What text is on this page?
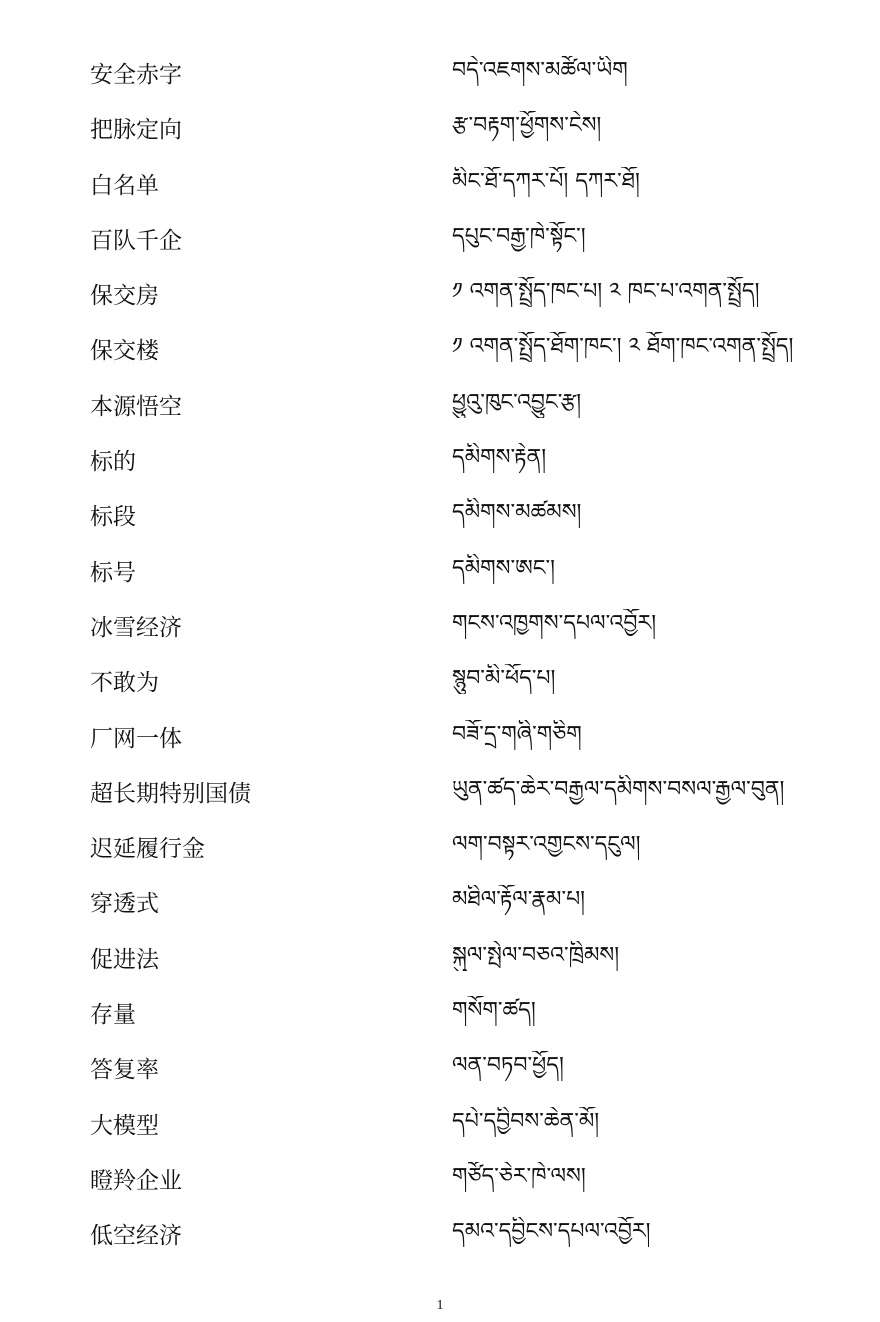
安全赤字	བདེ་འཇགས་མཚོལ་ཡིག
把脉定向	རྩ་བརྟག་ཕྱོགས་ངེས།
白名单	མིང་ཐོ་དཀར་པོ། དཀར་ཐོ།
百队千企	དཔུང་བརྒྱ་ཁེ་སྟོང་།
保交房	༡ འགན་སྤྲོད་ཁང་པ། ༢ ཁང་པ་འགན་སྤྲོད།
保交楼	༡ འགན་སྤྲོད་ཐོག་ཁང་། ༢ ཐོག་ཁང་འགན་སྤྲོད།
本源悟空	ཕྱུའུ་ཁུང་འབྱུང་རྩ།
标的	དམིགས་རྟེན།
标段	དམིགས་མཚམས།
标号	དམིགས་ཨང་།
冰雪经济	གངས་འཁྱགས་དཔལ་འབྱོར།
不敢为	སྙུབ་མི་ཕོད་པ།
厂网一体	བཟོ་དྲ་གཞི་གཅིག
超长期特别国债	ཡུན་ཚད་ཆེར་བརྒྱལ་དམིགས་བསལ་རྒྱལ་བུན།
迟延履行金	ལག་བསྟར་འགྱངས་དངུལ།
穿透式	མཐིལ་རྟོལ་རྣམ་པ།
促进法	སྐུལ་སྤེལ་བཅའ་ཁྲིམས།
存量	གསོག་ཚད།
答复率	ལན་བཏབ་ཕྱོད།
大模型	དཔེ་དབྱིབས་ཆེན་མོ།
瞪羚企业	གཙོད་ཅེར་ཁེ་ལས།
低空经济	དམའ་དབྱིངས་དཔལ་འབྱོར།
1
